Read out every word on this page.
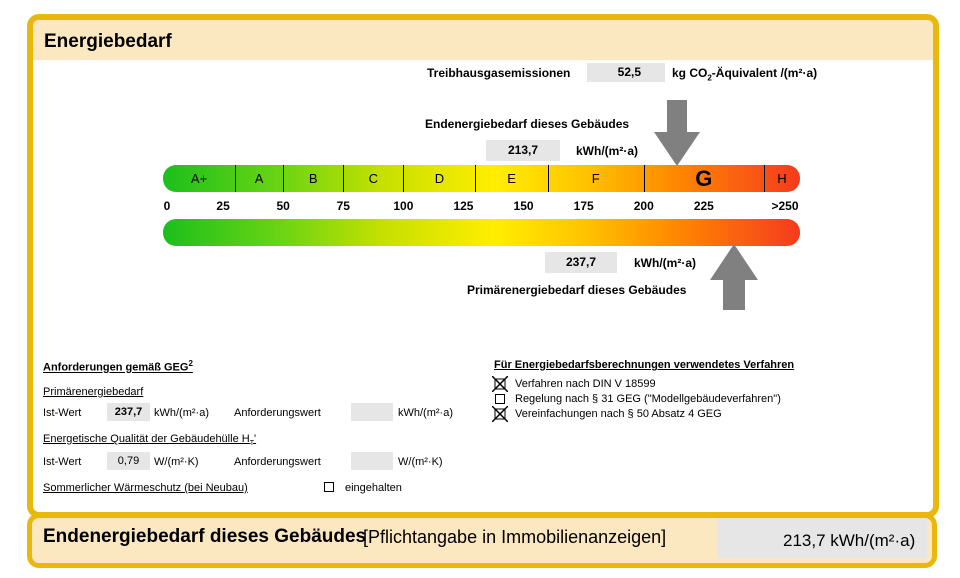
Energiebedarf
Treibhausgasemissionen	52,5	kg $CO_2$-Äquivalent /(m²·a)
Endenergiebedarf dieses Gebäudes
213,7	kWh/(m²·a)
A+	A	B	C	D	E	F	G	H
0	25	50	75	100	125	150	175	200	225	>250
237,7	kWh/(m²·a)
Primärenergiebedarf dieses Gebäudes
Anforderungen gemäß GEG$^2$
Primärenergiebedarf
Ist-Wert	237,7	kWh/(m²·a) Anforderungswert	kWh/(m²·a)
Energetische Qualität der Gebäudehülle $H_T'$
Ist-Wert	0,79	W/(m²·K)	Anforderungswert	W/(m²·K)
Sommerlicher Wärmeschutz (bei Neubau)	eingehalten
Für Energiebedarfsberechnungen verwendetes Verfahren
Verfahren nach DIN V 18599
Regelung nach § 31 GEG ("Modellgebäudeverfahren")
Vereinfachungen nach § 50 Absatz 4 GEG
Endenergiebedarf dieses Gebäudes
[Pflichtangabe in Immobilienanzeigen]	213,7 kWh/(m²·a)
